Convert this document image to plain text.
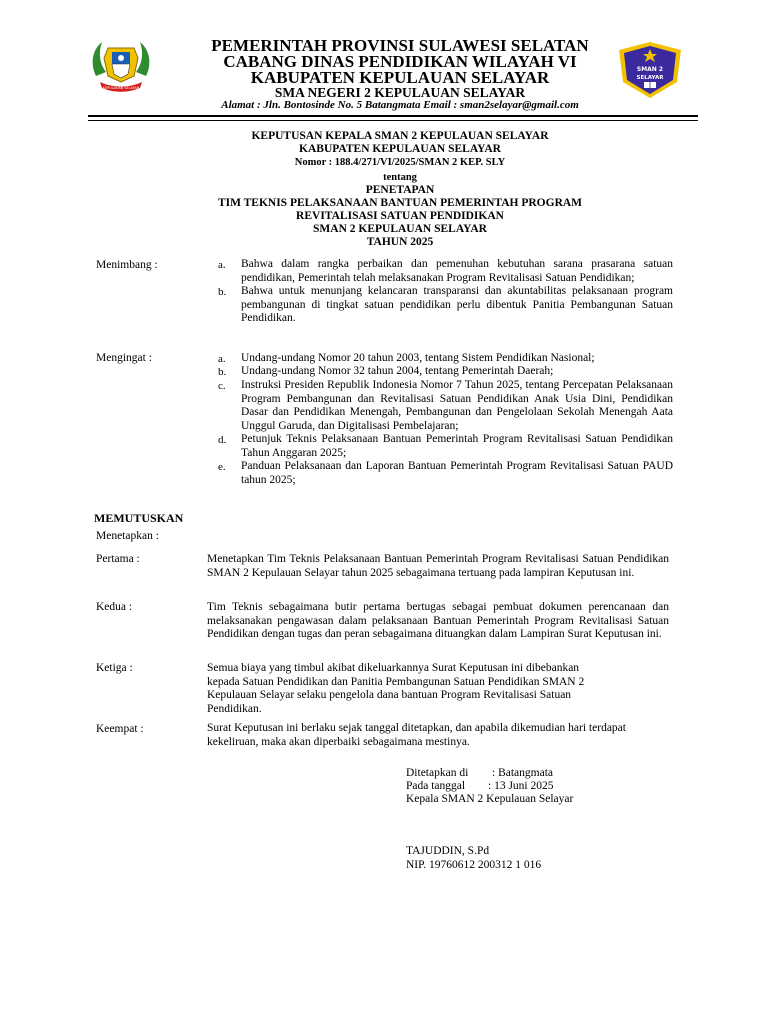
KEPULAUAN SELAYAR
SMAN 2
SELAYAR
PEMERINTAH PROVINSI SULAWESI SELATAN
CABANG DINAS PENDIDIKAN WILAYAH VI
KABUPATEN KEPULAUAN SELAYAR
SMA NEGERI 2 KEPULAUAN SELAYAR
Alamat : Jln. Bontosinde No. 5 Batangmata Email : sman2selayar@gmail.com
KEPUTUSAN KEPALA SMAN 2 KEPULAUAN SELAYAR
KABUPATEN KEPULAUAN SELAYAR
Nomor : 188.4/271/VI/2025/SMAN 2 KEP. SLY
tentang
PENETAPAN
TIM TEKNIS PELAKSANAAN BANTUAN PEMERINTAH PROGRAM
REVITALISASI SATUAN PENDIDIKAN
SMAN 2 KEPULAUAN SELAYAR
TAHUN 2025
Menimbang :	a. Bahwa dalam rangka perbaikan dan pemenuhan kebutuhan sarana prasarana satuan pendidikan, Pemerintah telah melaksanakan Program Revitalisasi Satuan Pendidikan;
b. Bahwa untuk menunjang kelancaran transparansi dan akuntabilitas pelaksanaan program pembangunan di tingkat satuan pendidikan perlu dibentuk Panitia Pembangunan Satuan Pendidikan.
Mengingat :	a. Undang-undang Nomor 20 tahun 2003, tentang Sistem Pendidikan Nasional;
b. Undang-undang Nomor 32 tahun 2004, tentang Pemerintah Daerah;
c. Instruksi Presiden Republik Indonesia Nomor 7 Tahun 2025, tentang Percepatan Pelaksanaan Program Pembangunan dan Revitalisasi Satuan Pendidikan Anak Usia Dini, Pendidikan Dasar dan Pendidikan Menengah, Pembangunan dan Pengelolaan Sekolah Menengah Aata Unggul Garuda, dan Digitalisasi Pembelajaran;
d. Petunjuk Teknis Pelaksanaan Bantuan Pemerintah Program Revitalisasi Satuan Pendidikan Tahun Anggaran 2025;
e. Panduan Pelaksanaan dan Laporan Bantuan Pemerintah Program Revitalisasi Satuan PAUD tahun 2025;
MEMUTUSKAN
Menetapkan :
Pertama :	Menetapkan Tim Teknis Pelaksanaan Bantuan Pemerintah Program Revitalisasi Satuan Pendidikan SMAN 2 Kepulauan Selayar tahun 2025 sebagaimana tertuang pada lampiran Keputusan ini.
Kedua :	Tim Teknis sebagaimana butir pertama bertugas sebagai pembuat dokumen perencanaan dan melaksanakan pengawasan dalam pelaksanaan Bantuan Pemerintah Program Revitalisasi Satuan Pendidikan dengan tugas dan peran sebagaimana dituangkan dalam Lampiran Surat Keputusan ini.
Ketiga :	Semua biaya yang timbul akibat dikeluarkannya Surat Keputusan ini dibebankan
kepada Satuan Pendidikan dan Panitia Pembangunan Satuan Pendidikan SMAN 2
Kepulauan Selayar selaku pengelola dana bantuan Program Revitalisasi Satuan
Pendidikan.
Keempat :	Surat Keputusan ini berlaku sejak tanggal ditetapkan, dan apabila dikemudian hari terdapat
kekeliruan, maka akan diperbaiki sebagaimana mestinya.
Ditetapkan di : Batangmata
Pada tanggal : 13 Juni 2025
Kepala SMAN 2 Kepulauan Selayar
TAJUDDIN, S.Pd
NIP. 19760612 200312 1 016
